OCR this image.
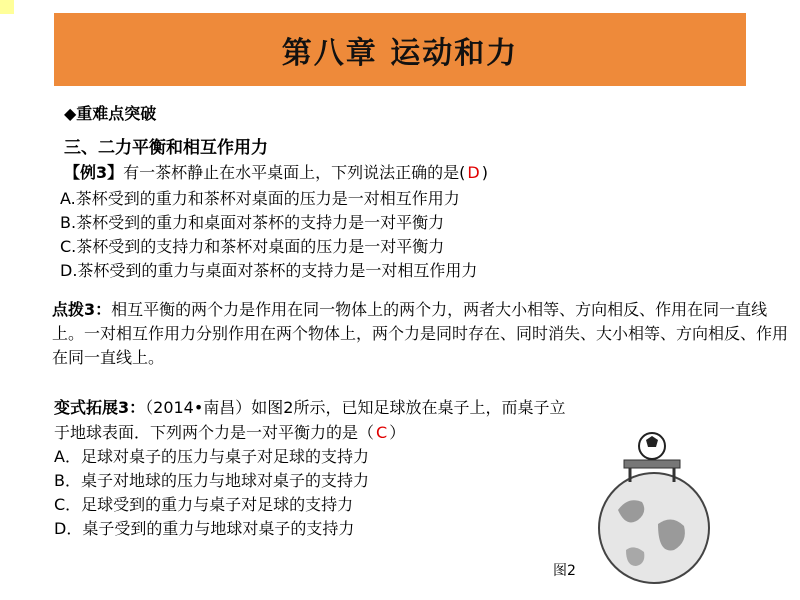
第八章 运动和力
◆重难点突破
三、二力平衡和相互作用力
【例3】有一茶杯静止在水平桌面上，下列说法正确的是( D )
A.茶杯受到的重力和茶杯对桌面的压力是一对相互作用力
B.茶杯受到的重力和桌面对茶杯的支持力是一对平衡力
C.茶杯受到的支持力和茶杯对桌面的压力是一对平衡力
D.茶杯受到的重力与桌面对茶杯的支持力是一对相互作用力
点拨3：相互平衡的两个力是作用在同一物体上的两个力，两者大小相等、方向相反、作用在同一直线上。一对相互作用力分别作用在两个物体上，两个力是同时存在、同时消失、大小相等、方向相反、作用在同一直线上。
变式拓展3：（2014•南昌）如图2所示，已知足球放在桌子上，而桌子立
于地球表面．下列两个力是一对平衡力的是（ C ）
A．足球对桌子的压力与桌子对足球的支持力
B．桌子对地球的压力与地球对桌子的支持力
C．足球受到的重力与桌子对足球的支持力
D．桌子受到的重力与地球对桌子的支持力
图2
